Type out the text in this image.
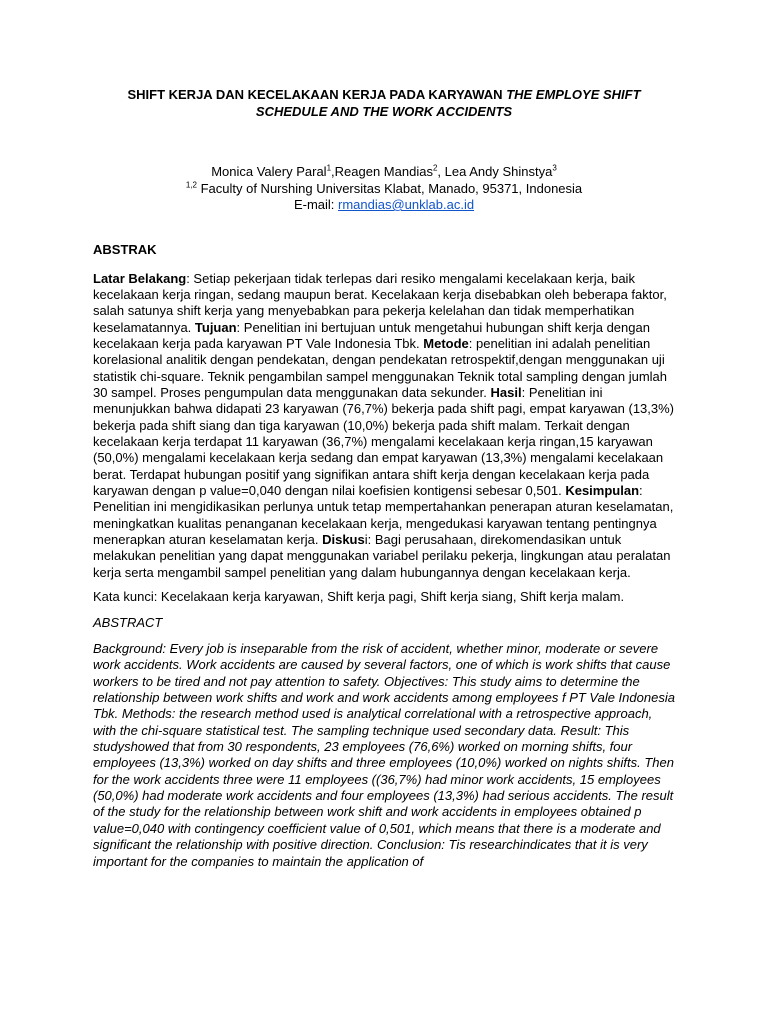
SHIFT KERJA DAN KECELAKAAN KERJA PADA KARYAWAN THE EMPLOYE SHIFT SCHEDULE AND THE WORK ACCIDENTS

Monica Valery Paral$^1$,Reagen Mandias$^2$, Lea Andy Shinstya$^3$
$^{1,2}$ Faculty of Nurshing Universitas Klabat, Manado, 95371, Indonesia
E-mail: rmandias@unklab.ac.id
ABSTRAK
Latar Belakang: Setiap pekerjaan tidak terlepas dari resiko mengalami kecelakaan kerja, baik kecelakaan kerja ringan, sedang maupun berat. Kecelakaan kerja disebabkan oleh beberapa faktor, salah satunya shift kerja yang menyebabkan para pekerja kelelahan dan tidak memperhatikan keselamatannya. Tujuan: Penelitian ini bertujuan untuk mengetahui hubungan shift kerja dengan kecelakaan kerja pada karyawan PT Vale Indonesia Tbk. Metode: penelitian ini adalah penelitian korelasional analitik dengan pendekatan, dengan pendekatan retrospektif,dengan menggunakan uji statistik chi-square. Teknik pengambilan sampel menggunakan Teknik total sampling dengan jumlah 30 sampel. Proses pengumpulan data menggunakan data sekunder. Hasil: Penelitian ini menunjukkan bahwa didapati 23 karyawan (76,7%) bekerja pada shift pagi, empat karyawan (13,3%) bekerja pada shift siang dan tiga karyawan (10,0%) bekerja pada shift malam. Terkait dengan kecelakaan kerja terdapat 11 karyawan (36,7%) mengalami kecelakaan kerja ringan,15 karyawan (50,0%) mengalami kecelakaan kerja sedang dan empat karyawan (13,3%) mengalami kecelakaan berat. Terdapat hubungan positif yang signifikan antara shift kerja dengan kecelakaan kerja pada karyawan dengan p value=0,040 dengan nilai koefisien kontigensi sebesar 0,501. Kesimpulan: Penelitian ini mengidikasikan perlunya untuk tetap mempertahankan penerapan aturan keselamatan, meningkatkan kualitas penanganan kecelakaan kerja, mengedukasi karyawan tentang pentingnya menerapkan aturan keselamatan kerja. Diskusi: Bagi perusahaan, direkomendasikan untuk melakukan penelitian yang dapat menggunakan variabel perilaku pekerja, lingkungan atau peralatan kerja serta mengambil sampel penelitian yang dalam hubungannya dengan kecelakaan kerja.
Kata kunci: Kecelakaan kerja karyawan, Shift kerja pagi, Shift kerja siang, Shift kerja malam.
ABSTRACT
Background: Every job is inseparable from the risk of accident, whether minor, moderate or severe work accidents. Work accidents are caused by several factors, one of which is work shifts that cause workers to be tired and not pay attention to safety. Objectives: This study aims to determine the relationship between work shifts and work and work accidents among employees f PT Vale Indonesia Tbk. Methods: the research method used is analytical correlational with a retrospective approach, with the chi-square statistical test. The sampling technique used secondary data. Result: This studyshowed that from 30 respondents, 23 employees (76,6%) worked on morning shifts, four employees (13,3%) worked on day shifts and three employees (10,0%) worked on nights shifts. Then for the work accidents three were 11 employees ((36,7%) had minor work accidents, 15 employees (50,0%) had moderate work accidents and four employees (13,3%) had serious accidents. The result of the study for the relationship between work shift and work accidents in employees obtained p value=0,040 with contingency coefficient value of 0,501, which means that there is a moderate and significant the relationship with positive direction. Conclusion: Tis researchindicates that it is very important for the companies to maintain the application of
